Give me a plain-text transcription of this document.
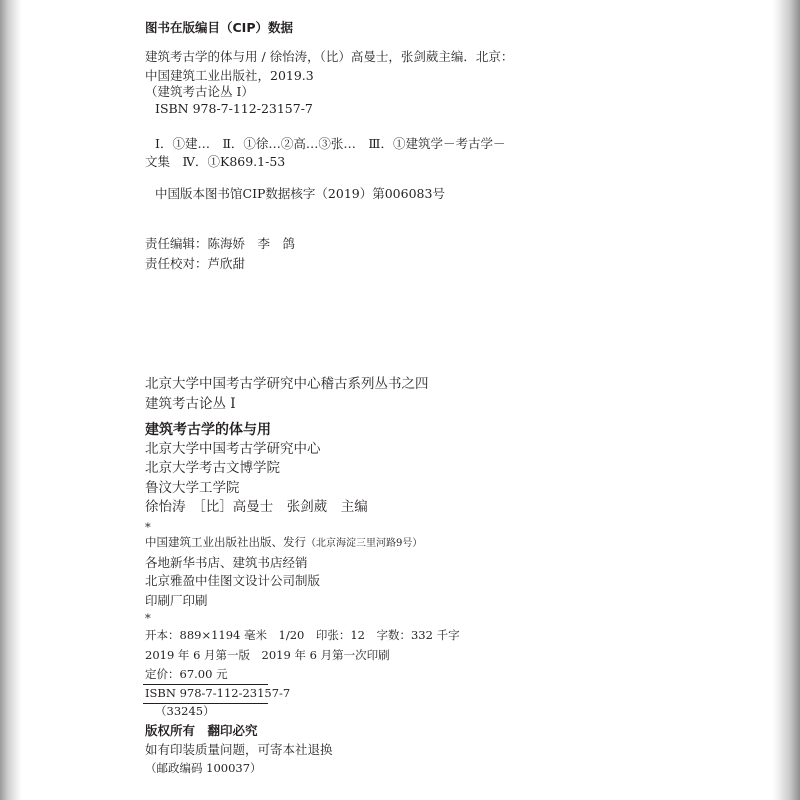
图书在版编目（CIP）数据
建筑考古学的体与用 / 徐怡涛，（比）高曼士，张剑葳主编．北京：
中国建筑工业出版社，2019.3
（建筑考古论丛 Ⅰ）
ISBN 978-7-112-23157-7
Ⅰ．①建…　Ⅱ．①徐…②高…③张…　Ⅲ．①建筑学－考古学－
文集　Ⅳ．①K869.1-53
中国版本图书馆CIP数据核字（2019）第006083号
责任编辑：陈海娇　李　鸽
责任校对：芦欣甜
北京大学中国考古学研究中心稽古系列丛书之四
建筑考古论丛 Ⅰ
建筑考古学的体与用
北京大学中国考古学研究中心
北京大学考古文博学院
鲁汶大学工学院
徐怡涛　［比］高曼士　张剑葳　主编
*
中国建筑工业出版社出版、发行（北京海淀三里河路9号）
各地新华书店、建筑书店经销
北京雅盈中佳图文设计公司制版
印刷厂印刷
*
开本：889×1194 毫米　1/20　印张：12　字数：332 千字
2019 年 6 月第一版　2019 年 6 月第一次印刷
定价：67.00 元
ISBN 978-7-112-23157-7
（33245）
版权所有　翻印必究
如有印装质量问题，可寄本社退换
（邮政编码 100037）
